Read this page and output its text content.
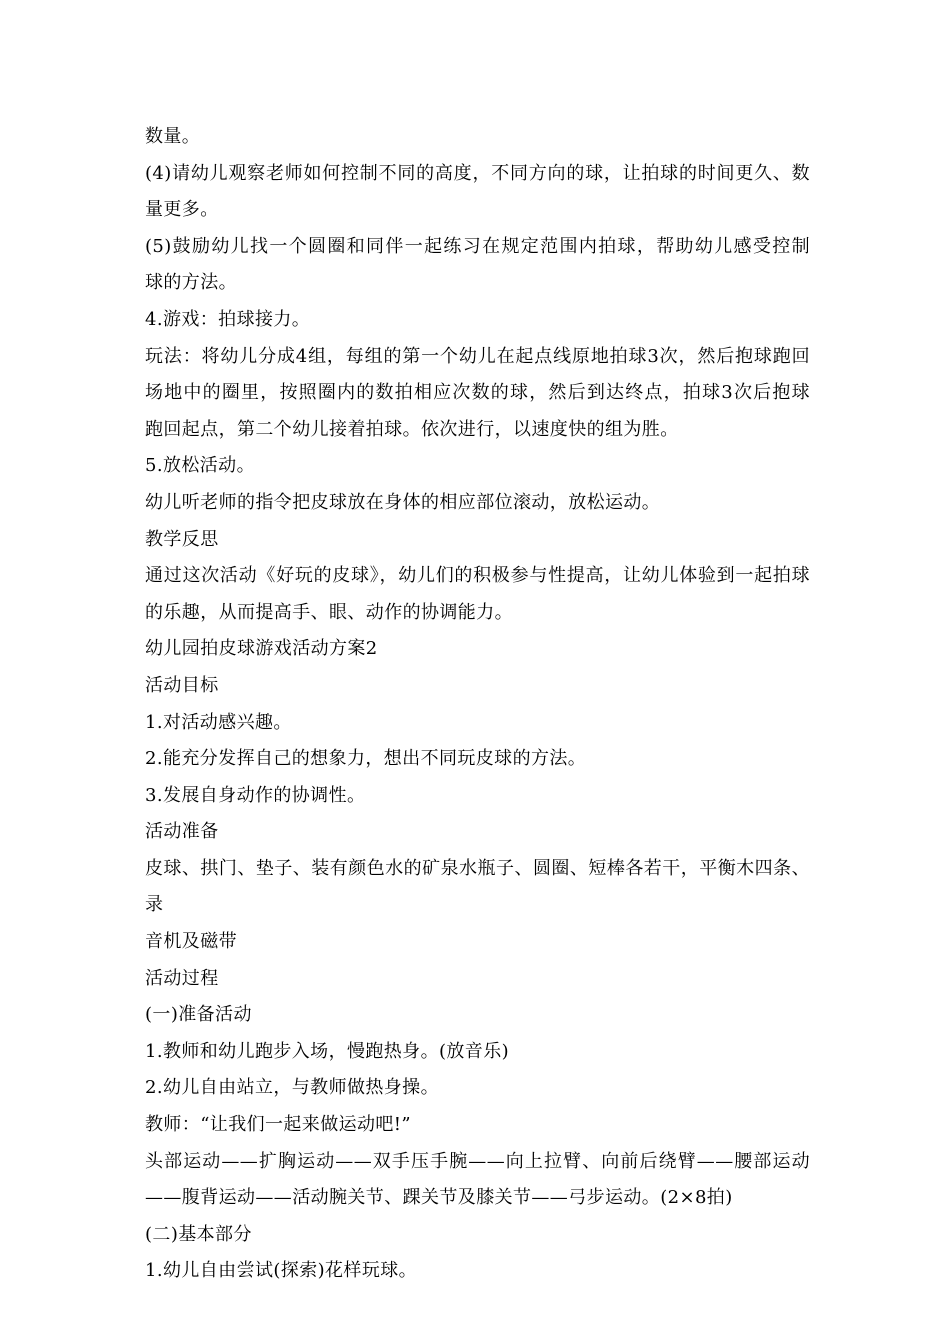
数量。

(4)请幼儿观察老师如何控制不同的高度，不同方向的球，让拍球的时间更久、数

量更多。

(5)鼓励幼儿找一个圆圈和同伴一起练习在规定范围内拍球，帮助幼儿感受控制

球的方法。

4.游戏：拍球接力。

玩法：将幼儿分成4组，每组的第一个幼儿在起点线原地拍球3次，然后抱球跑回

场地中的圈里，按照圈内的数拍相应次数的球，然后到达终点，拍球3次后抱球

跑回起点，第二个幼儿接着拍球。依次进行，以速度快的组为胜。

5.放松活动。

幼儿听老师的指令把皮球放在身体的相应部位滚动，放松运动。

教学反思

通过这次活动《好玩的皮球》，幼儿们的积极参与性提高，让幼儿体验到一起拍球

的乐趣，从而提高手、眼、动作的协调能力。

幼儿园拍皮球游戏活动方案2

活动目标

1.对活动感兴趣。

2.能充分发挥自己的想象力，想出不同玩皮球的方法。

3.发展自身动作的协调性。

活动准备

皮球、拱门、垫子、装有颜色水的矿泉水瓶子、圆圈、短棒各若干，平衡木四条、录

音机及磁带

活动过程

(一)准备活动

1.教师和幼儿跑步入场，慢跑热身。(放音乐)

2.幼儿自由站立，与教师做热身操。

教师：“让我们一起来做运动吧!”

头部运动——扩胸运动——双手压手腕——向上拉臂、向前后绕臂——腰部运动

——腹背运动——活动腕关节、踝关节及膝关节——弓步运动。(2×8拍)

(二)基本部分

1.幼儿自由尝试(探索)花样玩球。
